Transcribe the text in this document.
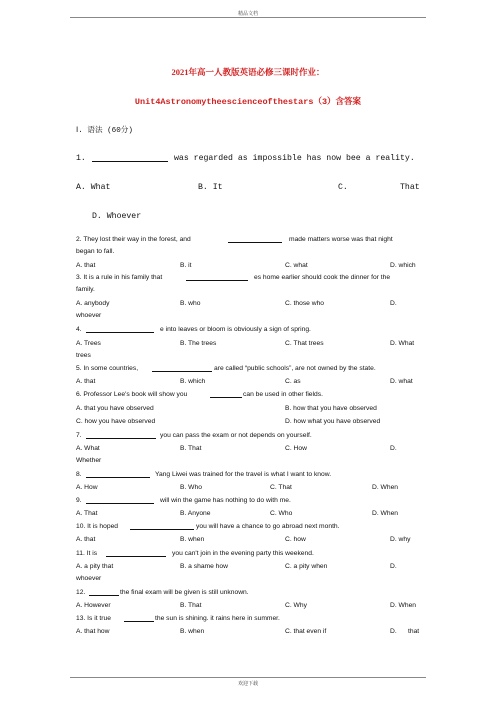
精品文档
2021年高一人教版英语必修三课时作业：
Unit4Astronomytheescienceofthestars（3）含答案
Ⅰ. 语法 (60分)
1.	was regarded as impossible has now bee a reality.
A. What	B. It	C.	That
D. Whoever
2. They lost their way in the forest, and	made matters worse was that night
began to fall.
A. that	B. it	C. what	D. which
3. It is a rule in his family that	es home earlier should cook the dinner for the
family.
A. anybody	B. who	C. those who	D.
whoever
4.	e into leaves or bloom is obviously a sign of spring.
A. Trees	B. The trees	C. That trees	D. What
trees
5. In some countries,	are called “public schools”, are not owned by the state.
A. that	B. which	C. as	D. what
6. Professor Lee's book will show you	can be used in other fields.
A. that you have observed	B. how that you have observed
C. how you have observed	D. how what you have observed
7.	you can pass the exam or not depends on yourself.
A. What	B. That	C. How	D.
Whether
8.	Yang Liwei was trained for the travel is what I want to know.
A. How	B. Who	C. That	D. When
9.	will win the game has nothing to do with me.
A. That	B. Anyone	C. Who	D. When
10. It is hoped	you will have a chance to go abroad next month.
A. that	B. when	C. how	D. why
11. It is	you can't join in the evening party this weekend.
A. a pity that	B. a shame how	C. a pity when	D.
whoever
12.	the final exam will be given is still unknown.
A. However	B. That	C. Why	D. When
13. Is it true	the sun is shining. it rains here in summer.
A. that how	B. when	C. that even if	D. that
欢迎下载
